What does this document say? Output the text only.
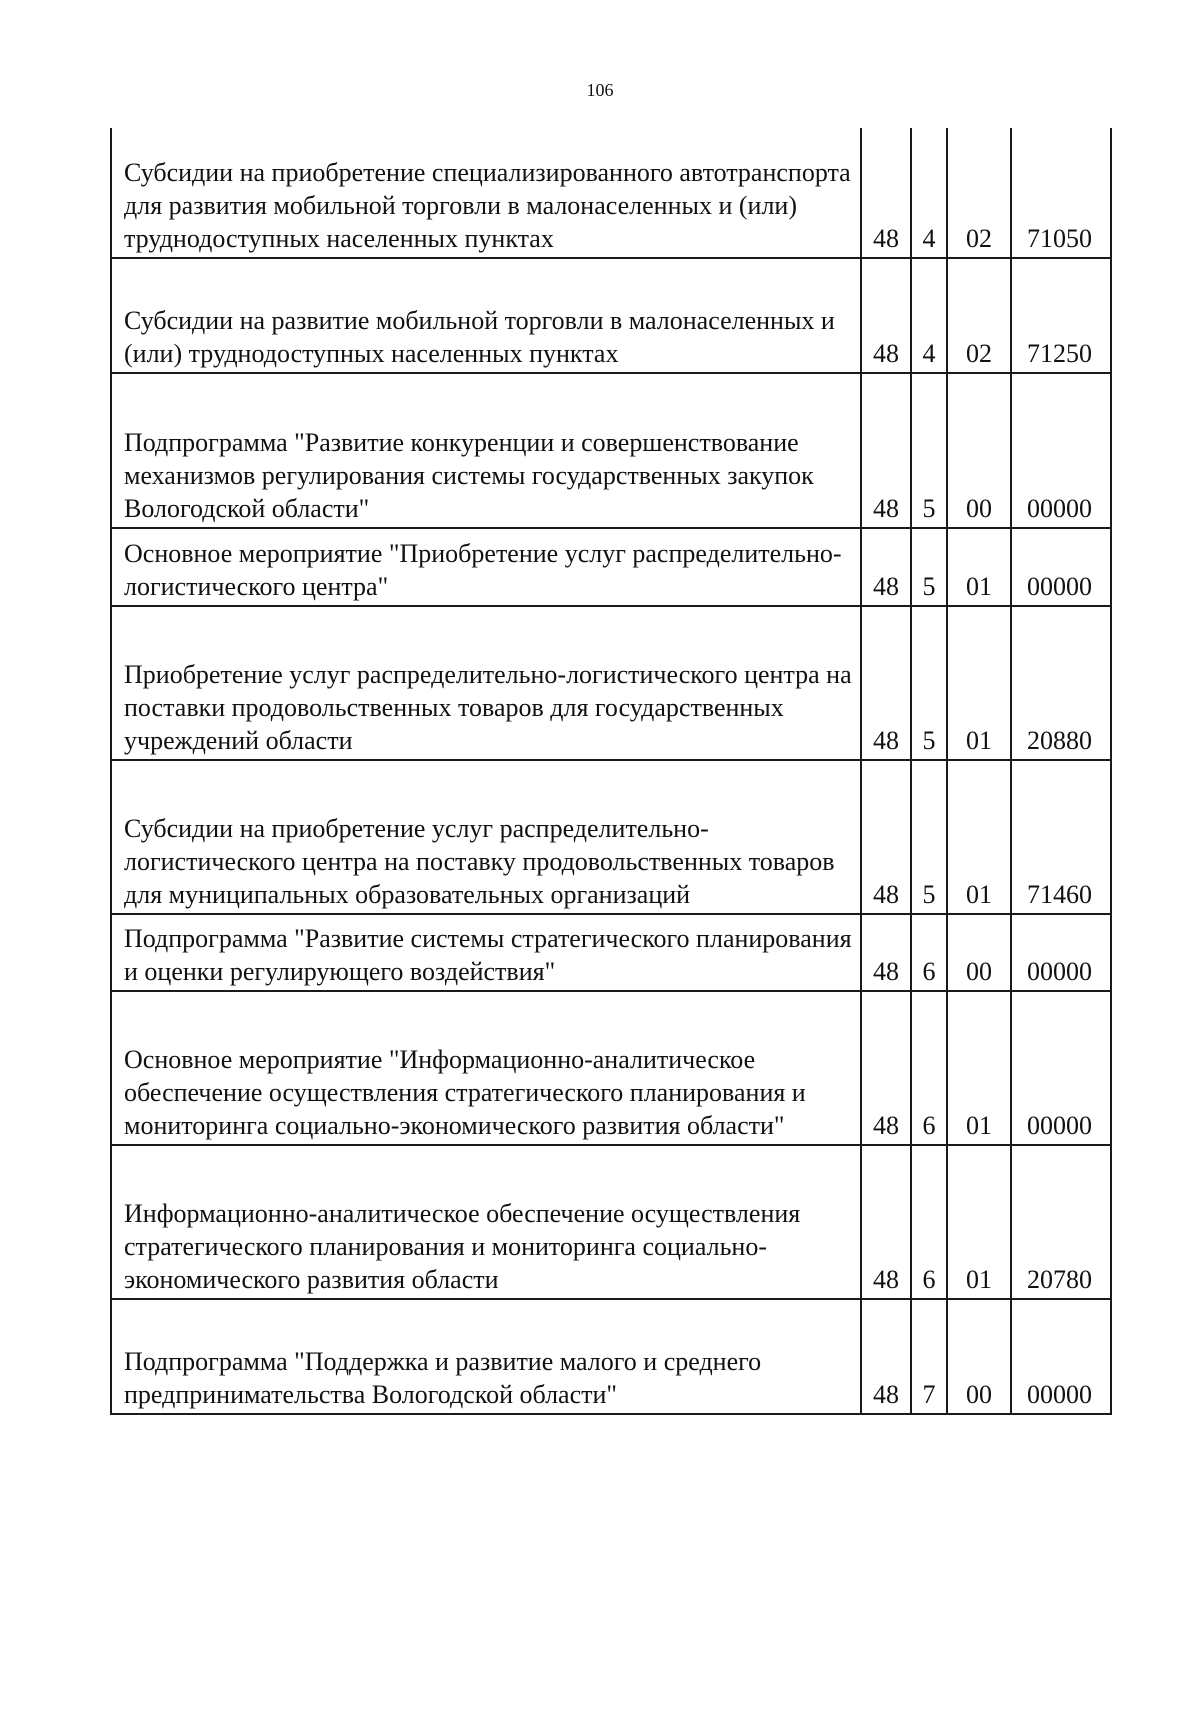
106
Субсидии на приобретение специализированного автотранспорта для развития мобильной торговли в малонаселенных и (или) труднодоступных населенных пунктах	48	4	02	71050
Субсидии на развитие мобильной торговли в малонаселенных и (или) труднодоступных населенных пунктах	48	4	02	71250
Подпрограмма "Развитие конкуренции и совершенствование механизмов регулирования системы государственных закупок Вологодской области"	48	5	00	00000
Основное мероприятие "Приобретение услуг распределительно-логистического центра"	48	5	01	00000
Приобретение услуг распределительно-логистического центра на поставки продовольственных товаров для государственных учреждений области	48	5	01	20880
Субсидии на приобретение услуг распределительно-логистического центра на поставку продовольственных товаров для муниципальных образовательных организаций	48	5	01	71460
Подпрограмма "Развитие системы стратегического планирования и оценки регулирующего воздействия"	48	6	00	00000
Основное мероприятие "Информационно-аналитическое обеспечение осуществления стратегического планирования и мониторинга социально-экономического развития области"	48	6	01	00000
Информационно-аналитическое обеспечение осуществления стратегического планирования и мониторинга социально-экономического развития области	48	6	01	20780
Подпрограмма "Поддержка и развитие малого и среднего предпринимательства Вологодской области"	48	7	00	00000
